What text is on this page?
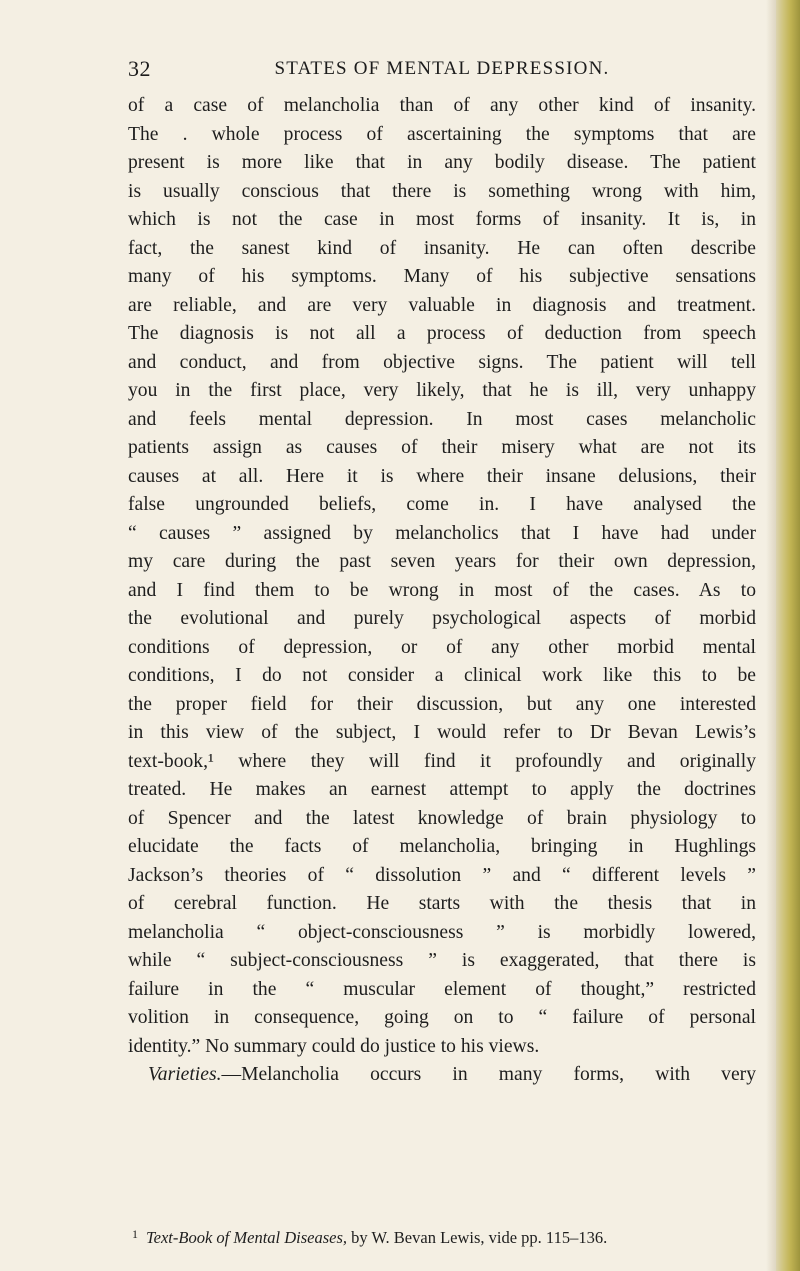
32	STATES OF MENTAL DEPRESSION.
of a case of melancholia than of any other kind of insanity.
The . whole process of ascertaining the symptoms that are
present is more like that in any bodily disease. The patient
is usually conscious that there is something wrong with him,
which is not the case in most forms of insanity. It is, in
fact, the sanest kind of insanity. He can often describe
many of his symptoms. Many of his subjective sensations
are reliable, and are very valuable in diagnosis and treatment.
The diagnosis is not all a process of deduction from speech
and conduct, and from objective signs. The patient will tell
you in the first place, very likely, that he is ill, very unhappy
and feels mental depression. In most cases melancholic
patients assign as causes of their misery what are not its
causes at all. Here it is where their insane delusions, their
false ungrounded beliefs, come in. I have analysed the
“ causes ” assigned by melancholics that I have had under
my care during the past seven years for their own depression,
and I find them to be wrong in most of the cases. As to
the evolutional and purely psychological aspects of morbid
conditions of depression, or of any other morbid mental
conditions, I do not consider a clinical work like this to be
the proper field for their discussion, but any one interested
in this view of the subject, I would refer to Dr Bevan Lewis’s
text-book,¹ where they will find it profoundly and originally
treated. He makes an earnest attempt to apply the doctrines
of Spencer and the latest knowledge of brain physiology to
elucidate the facts of melancholia, bringing in Hughlings
Jackson’s theories of “ dissolution ” and “ different levels ”
of cerebral function. He starts with the thesis that in
melancholia “ object-consciousness ” is morbidly lowered,
while “ subject-consciousness ” is exaggerated, that there is
failure in the “ muscular element of thought,” restricted
volition in consequence, going on to “ failure of personal
identity.” No summary could do justice to his views.
Varieties.—Melancholia occurs in many forms, with very
$^1$ Text-Book of Mental Diseases, by W. Bevan Lewis, vide pp. 115–136.
